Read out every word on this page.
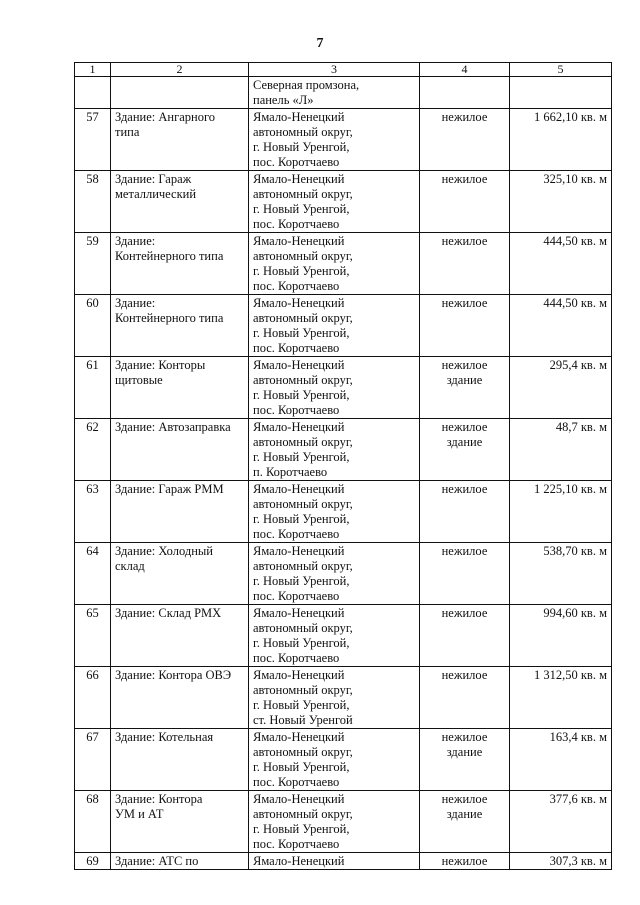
7
1	2	3	4	5
		Северная промзона,
панель «Л»		
57	Здание: Ангарного
типа	Ямало-Ненецкий
автономный округ,
г. Новый Уренгой,
пос. Коротчаево	нежилое	1 662,10 кв. м
58	Здание: Гараж
металлический	Ямало-Ненецкий
автономный округ,
г. Новый Уренгой,
пос. Коротчаево	нежилое	325,10 кв. м
59	Здание:
Контейнерного типа	Ямало-Ненецкий
автономный округ,
г. Новый Уренгой,
пос. Коротчаево	нежилое	444,50 кв. м
60	Здание:
Контейнерного типа	Ямало-Ненецкий
автономный округ,
г. Новый Уренгой,
пос. Коротчаево	нежилое	444,50 кв. м
61	Здание: Конторы
щитовые	Ямало-Ненецкий
автономный округ,
г. Новый Уренгой,
пос. Коротчаево	нежилое
здание	295,4 кв. м
62	Здание: Автозаправка	Ямало-Ненецкий
автономный округ,
г. Новый Уренгой,
п. Коротчаево	нежилое
здание	48,7 кв. м
63	Здание: Гараж РММ	Ямало-Ненецкий
автономный округ,
г. Новый Уренгой,
пос. Коротчаево	нежилое	1 225,10 кв. м
64	Здание: Холодный
склад	Ямало-Ненецкий
автономный округ,
г. Новый Уренгой,
пос. Коротчаево	нежилое	538,70 кв. м
65	Здание: Склад РМХ	Ямало-Ненецкий
автономный округ,
г. Новый Уренгой,
пос. Коротчаево	нежилое	994,60 кв. м
66	Здание: Контора ОВЭ	Ямало-Ненецкий
автономный округ,
г. Новый Уренгой,
ст. Новый Уренгой	нежилое	1 312,50 кв. м
67	Здание: Котельная	Ямало-Ненецкий
автономный округ,
г. Новый Уренгой,
пос. Коротчаево	нежилое
здание	163,4 кв. м
68	Здание: Контора
УМ и АТ	Ямало-Ненецкий
автономный округ,
г. Новый Уренгой,
пос. Коротчаево	нежилое
здание	377,6 кв. м
69	Здание: АТС по	Ямало-Ненецкий	нежилое	307,3 кв. м
